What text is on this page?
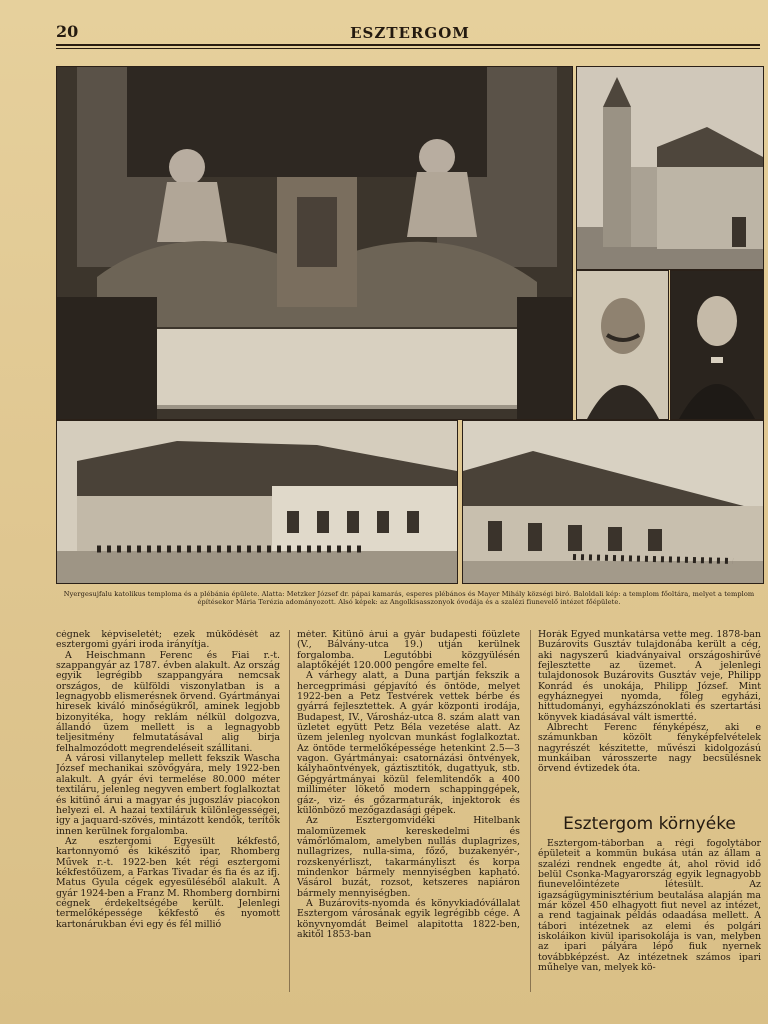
20	ESZTERGOM
Nyergesujfalu katolikus temploma és a plébánia épülete. Alatta: Metzker József dr. pápai kamarás, esperes plébános és Mayer Mihály községi biró. Baloldali kép: a templom főoltára, melyet a templom építésekor Mária Terézia adományozott. Alsó képek: az Angolkisasszonyok óvodája és a szalézi fiunevelő intézet főépülete.

cégnek képviseletét; ezek működését az esztergomi gyári iroda irányítja.

A Heischmann Ferenc és Fiai r.-t. szappangyár az 1787. évben alakult. Az ország egyik legrégibb szappangyára nemcsak országos, de külföldi viszonylatban is a legnagyobb elismerésnek örvend. Gyártmányai hiresek kiváló minőségükről, aminek legjobb bizonyitéka, hogy reklám nélkül dolgozva, állandó üzem mellett is a legnagyobb teljesitmény felmutatásával alig birja felhalmozódott megrendeléseit szállitani.

A városi villanytelep mellett fekszik Wascha József mechanikai szövőgyára, mely 1922-ben alakult. A gyár évi termelése 80.000 méter textiláru, jelenleg negyven embert foglalkoztat és kitünő árui a magyar és jugoszláv piacokon helyezi el. A hazai textiláruk különlegességei, igy a jaquard-szövés, mintázott kendők, terítők innen kerülnek forgalomba.

Az esztergomi Egyesült kékfestő, kartonnyomó és kikészitő ipar, Rhomberg Művek r.-t. 1922-ben két régi esztergomi kékfestőüzem, a Farkas Tivadar és fia és az ifj. Matus Gyula cégek egyesüléséből alakult. A gyár 1924-ben a Franz M. Rhomberg dornbirni cégnek érdekeltségébe került. Jelenlegi termelőképessége kékfestő és nyomott kartonárukban évi egy és fél millió

méter. Kitünő árui a gyár budapesti főüzlete (V., Bálvány-utca 19.) utján kerülnek forgalomba. Legutóbbi közgyülésén alaptőkéjét 120.000 pengőre emelte fel.

A várhegy alatt, a Duna partján fekszik a hercegprimási gépjavító és öntöde, melyet 1922-ben a Petz Testvérek vettek bérbe és gyárrá fejlesztettek. A gyár központi irodája, Budapest, IV., Városház-utca 8. szám alatt van üzletet együtt Petz Béla vezetése alatt. Az üzem jelenleg nyolcvan munkást foglalkoztat. Az öntöde termelőképessége hetenkint 2.5—3 vagon. Gyártmányai: csatornázási öntvények, kályhaöntvények, gáztisztitók, dugattyuk, stb. Gépgyártmányai közül felemlitendők a 400 milliméter lökető modern schappinggépek, gáz-, viz- és gőzarmaturák, injektorok és különböző mezőgazdasági gépek.

Az Esztergomvidéki Hitelbank malomüzemek kereskedelmi és vámőrlőmalom, amelyben nullás duplagrizes, nullagrizes, nulla-sima, főző, buzakenyér-, rozskenyérliszt, takarmányliszt és korpa mindenkor bármely mennyiségben kapható. Vásárol buzát, rozsot, ketszeres napiáron bármely mennyiségben.

A Buzárovits-nyomda és könyvkiadóvállalat Esztergom városának egyik legrégibb cége. A könyvnyomdát Beimel alapitotta 1822-ben, akitől 1853-ban

Horák Egyed munkatársa vette meg. 1878-ban Buzárovits Gusztáv tulajdonába került a cég, aki nagyszerű kiadványaival országoshirűvé fejlesztette az üzemet. A jelenlegi tulajdonosok Buzárovits Gusztáv veje, Philipp Konrád és unokája, Philipp József. Mint egyháznegyei nyomda, főleg egyházi, hittudományi, egyházszónoklati és szertartási könyvek kiadásával vált ismertté.

Albrecht Ferenc fényképész, aki e számunkban közölt fényképfelvételek nagyrészét készitette, művészi kidolgozású munkáiban városszerte nagy becsülésnek örvend évtizedek óta.

Esztergom környéke

Esztergom-táborban a régi fogolytábor épületeit a kommün bukása után az állam a szalézi rendnek engedte át, ahol rövid idő belül Csonka-Magyarország egyik legnagyobb fiunevelőintézete létesült. Az igazságügyminisztérium beutalása alapján ma már közel 450 elhagyott fiut nevel az intézet, a rend tagjainak példás odaadása mellett. A tábori intézetnek az elemi és polgári iskoláikon kivül iparisokolája is van, melyben az ipari pályára lépő fiuk nyernek továbbképzést. Az intézetnek számos ipari műhelye van, melyek kö-
